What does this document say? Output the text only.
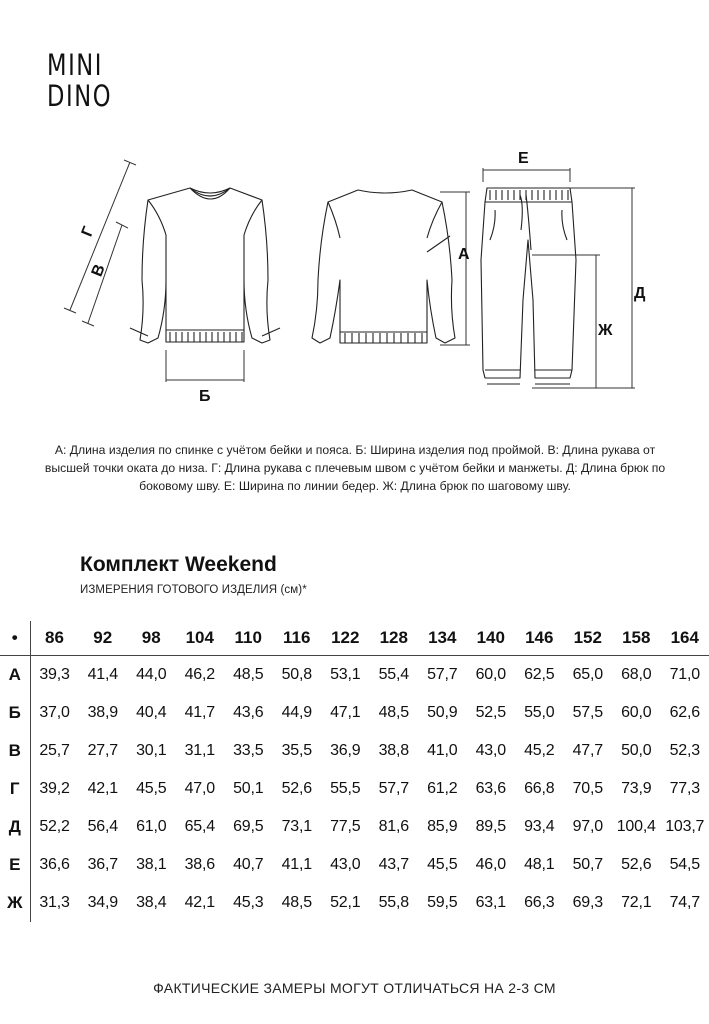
MINI
DINO
Г
В
Б
А
Е
Д
Ж
А: Длина изделия по спинке с учётом бейки и пояса. Б: Ширина изделия под проймой. В: Длина рукава от высшей точки оката до низа. Г: Длина рукава с плечевым швом с учётом бейки и манжеты. Д: Длина брюк по боковому шву. Е: Ширина по линии бедер. Ж: Длина брюк по шаговому шву.
Комплект Weekend
ИЗМЕРЕНИЯ ГОТОВОГО ИЗДЕЛИЯ (см)*
•	86	92	98	104	110	116	122	128	134	140	146	152	158	164
А	39,3	41,4	44,0	46,2	48,5	50,8	53,1	55,4	57,7	60,0	62,5	65,0	68,0	71,0
Б	37,0	38,9	40,4	41,7	43,6	44,9	47,1	48,5	50,9	52,5	55,0	57,5	60,0	62,6
В	25,7	27,7	30,1	31,1	33,5	35,5	36,9	38,8	41,0	43,0	45,2	47,7	50,0	52,3
Г	39,2	42,1	45,5	47,0	50,1	52,6	55,5	57,7	61,2	63,6	66,8	70,5	73,9	77,3
Д	52,2	56,4	61,0	65,4	69,5	73,1	77,5	81,6	85,9	89,5	93,4	97,0	100,4	103,7
Е	36,6	36,7	38,1	38,6	40,7	41,1	43,0	43,7	45,5	46,0	48,1	50,7	52,6	54,5
Ж	31,3	34,9	38,4	42,1	45,3	48,5	52,1	55,8	59,5	63,1	66,3	69,3	72,1	74,7
ФАКТИЧЕСКИЕ ЗАМЕРЫ МОГУТ ОТЛИЧАТЬСЯ НА 2-3 СМ
